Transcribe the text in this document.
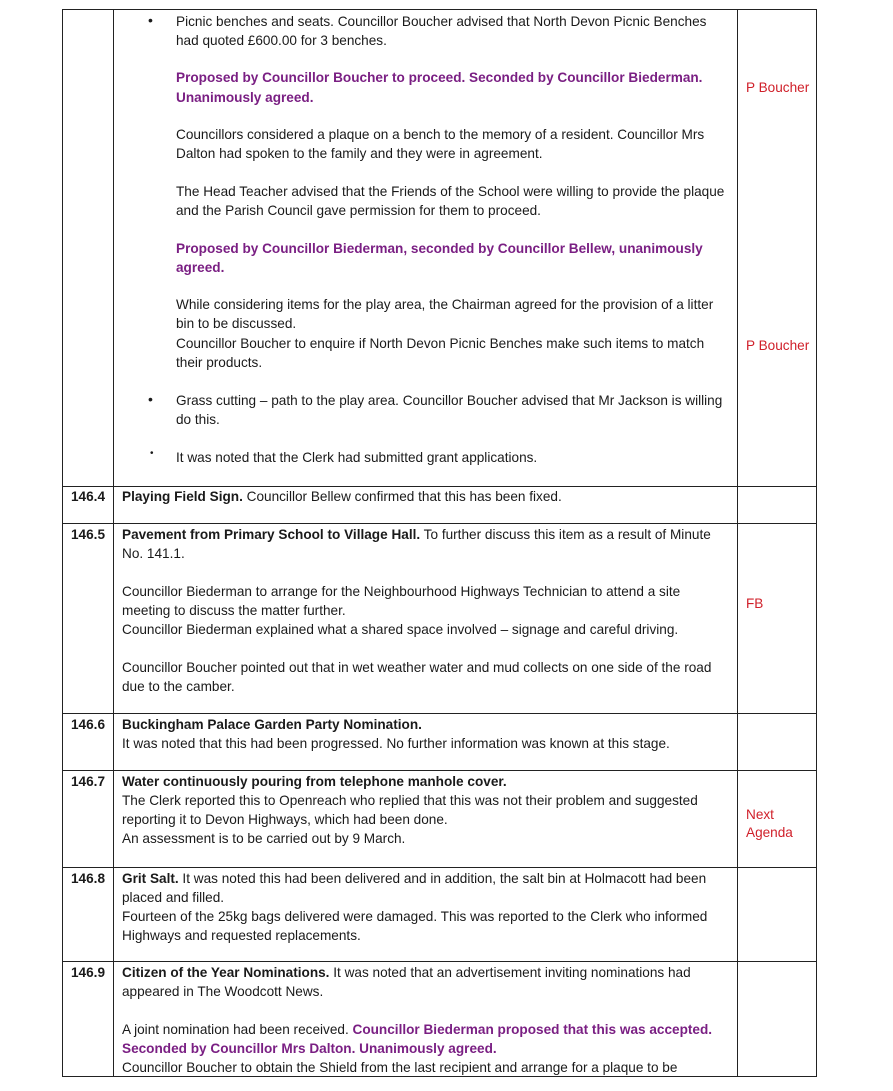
• Picnic benches and seats. Councillor Boucher advised that North Devon Picnic Benches
had quoted £600.00 for 3 benches.
Proposed by Councillor Boucher to proceed. Seconded by Councillor Biederman.
Unanimously agreed.
P Boucher
Councillors considered a plaque on a bench to the memory of a resident. Councillor Mrs
Dalton had spoken to the family and they were in agreement.
The Head Teacher advised that the Friends of the School were willing to provide the plaque
and the Parish Council gave permission for them to proceed.
Proposed by Councillor Biederman, seconded by Councillor Bellew, unanimously
agreed.
While considering items for the play area, the Chairman agreed for the provision of a litter
bin to be discussed.
Councillor Boucher to enquire if North Devon Picnic Benches make such items to match
their products.
P Boucher
• Grass cutting – path to the play area. Councillor Boucher advised that Mr Jackson is willing
do this.
• It was noted that the Clerk had submitted grant applications.
146.4 Playing Field Sign. Councillor Bellew confirmed that this has been fixed.
146.5 Pavement from Primary School to Village Hall. To further discuss this item as a result of Minute
No. 141.1.
Councillor Biederman to arrange for the Neighbourhood Highways Technician to attend a site
meeting to discuss the matter further.
Councillor Biederman explained what a shared space involved – signage and careful driving.
Councillor Boucher pointed out that in wet weather water and mud collects on one side of the road
due to the camber.
FB
146.6 Buckingham Palace Garden Party Nomination.
It was noted that this had been progressed. No further information was known at this stage.
146.7 Water continuously pouring from telephone manhole cover.
The Clerk reported this to Openreach who replied that this was not their problem and suggested
reporting it to Devon Highways, which had been done.
An assessment is to be carried out by 9 March.
Next
Agenda
146.8 Grit Salt. It was noted this had been delivered and in addition, the salt bin at Holmacott had been
placed and filled.
Fourteen of the 25kg bags delivered were damaged. This was reported to the Clerk who informed
Highways and requested replacements.
146.9 Citizen of the Year Nominations. It was noted that an advertisement inviting nominations had
appeared in The Woodcott News.
A joint nomination had been received. Councillor Biederman proposed that this was accepted.
Seconded by Councillor Mrs Dalton. Unanimously agreed.
Councillor Boucher to obtain the Shield from the last recipient and arrange for a plaque to be
